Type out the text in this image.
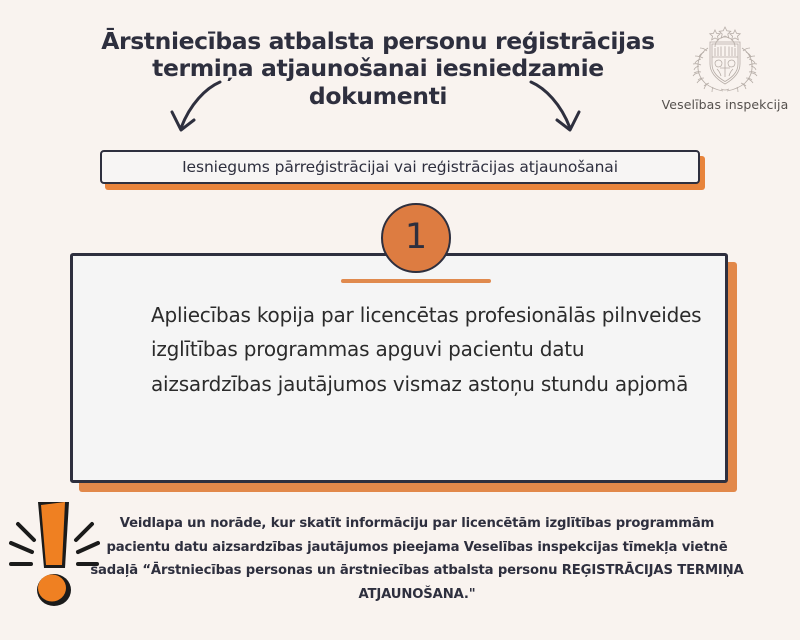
Veselības inspekcija
Ārstniecības atbalsta personu reģistrācijas termiņa atjaunošanai iesniedzamie dokumenti
Iesniegums pārreģistrācijai vai reģistrācijas atjaunošanai
1
Apliecības kopija par licencētas profesionālās pilnveides izglītības programmas apguvi pacientu datu aizsardzības jautājumos vismaz astoņu stundu apjomā
Veidlapa un norāde, kur skatīt informāciju par licencētām izglītības programmām pacientu datu aizsardzības jautājumos pieejama Veselības inspekcijas tīmekļa vietnē sadaļā “Ārstniecības personas un ārstniecības atbalsta personu REĢISTRĀCIJAS TERMIŅA ATJAUNOŠANA."
